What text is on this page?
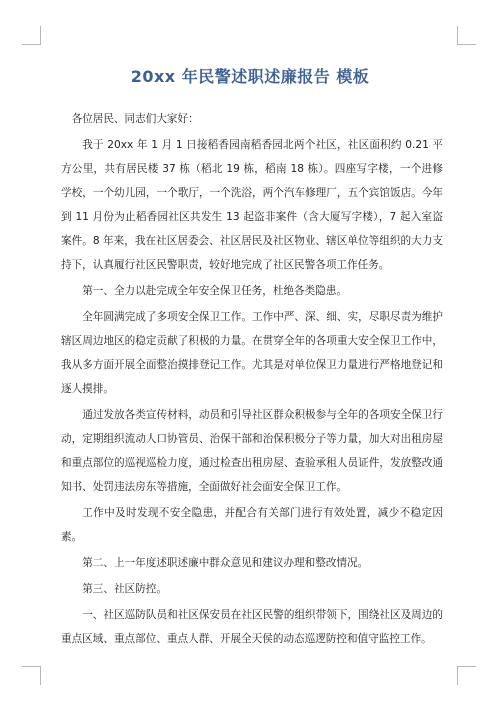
20xx 年民警述职述廉报告 模板

各位居民、同志们大家好：

我于 20xx 年 1 月 1 日接稻香园南稻香园北两个社区，社区面积约 0.21 平方公里，共有居民楼 37 栋（稻北 19 栋，稻南 18 栋）。四座写字楼，一个进修学校，一个幼儿园，一个歌厅，一个洗浴，两个汽车修理厂，五个宾馆饭店。今年到 11 月份为止稻香园社区共发生 13 起盗非案件（含大厦写字楼），7 起入室盗案件。8 年来，我在社区居委会、社区居民及社区物业、辖区单位等组织的大力支持下，认真履行社区民警职责，较好地完成了社区民警各项工作任务。

第一、全力以赴完成全年安全保卫任务，杜绝各类隐患。

全年圆满完成了多项安全保卫工作。工作中严、深、细、实，尽职尽责为维护辖区周边地区的稳定贡献了积极的力量。在贯穿全年的各项重大安全保卫工作中，我从多方面开展全面整治摸排登记工作。尤其是对单位保卫力量进行严格地登记和逐人摸排。

通过发放各类宣传材料，动员和引导社区群众积极参与全年的各项安全保卫行动，定期组织流动人口协管员、治保干部和治保积极分子等力量，加大对出租房屋和重点部位的巡视巡检力度，通过检查出租房屋、查验承租人员证件，发放整改通知书、处罚违法房东等措施，全面做好社会面安全保卫工作。

工作中及时发现不安全隐患，并配合有关部门进行有效处置，减少不稳定因素。

第二、上一年度述职述廉中群众意见和建议办理和整改情况。

第三、社区防控。

一、社区巡防队员和社区保安员在社区民警的组织带领下，围绕社区及周边的重点区域、重点部位、重点人群、开展全天侯的动态巡逻防控和值守监控工作。
